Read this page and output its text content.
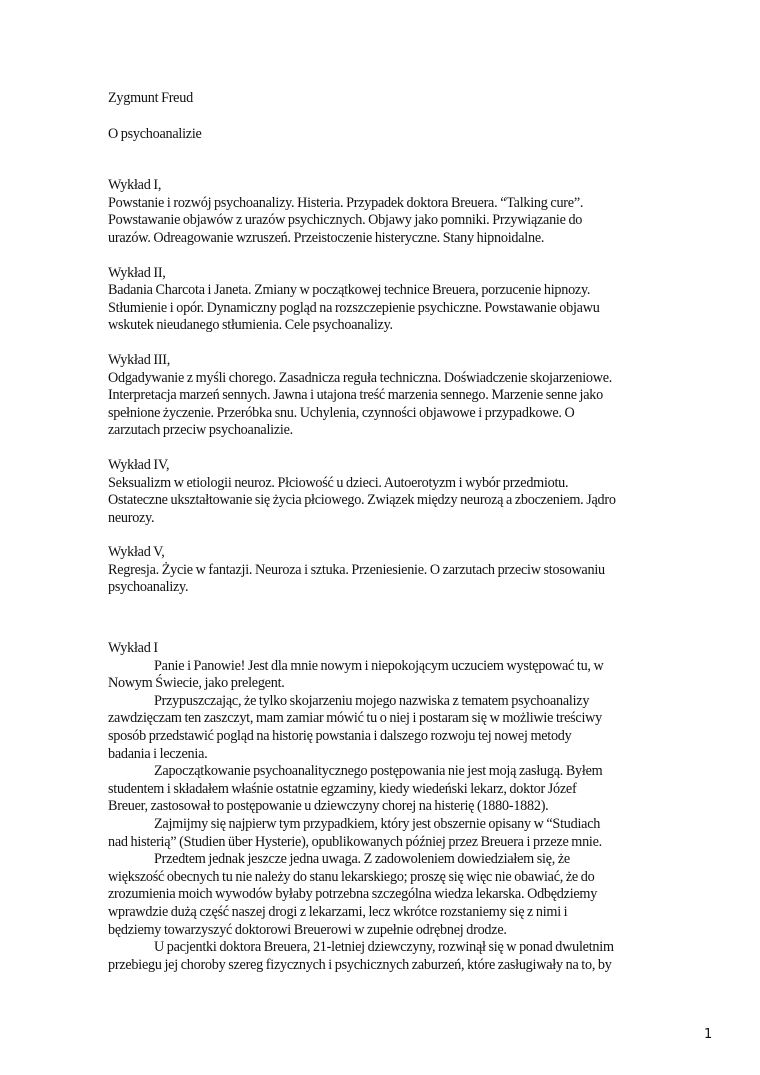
Zygmunt Freud
O psychoanalizie
Wykład I,
Powstanie i rozwój psychoanalizy. Histeria. Przypadek doktora Breuera. “Talking cure”.
Powstawanie objawów z urazów psychicznych. Objawy jako pomniki. Przywiązanie do
urazów. Odreagowanie wzruszeń. Przeistoczenie histeryczne. Stany hipnoidalne.
Wykład II,
Badania Charcota i Janeta. Zmiany w początkowej technice Breuera, porzucenie hipnozy.
Stłumienie i opór. Dynamiczny pogląd na rozszczepienie psychiczne. Powstawanie objawu
wskutek nieudanego stłumienia. Cele psychoanalizy.
Wykład III,
Odgadywanie z myśli chorego. Zasadnicza reguła techniczna. Doświadczenie skojarzeniowe.
Interpretacja marzeń sennych. Jawna i utajona treść marzenia sennego. Marzenie senne jako
spełnione życzenie. Przeróbka snu. Uchylenia, czynności objawowe i przypadkowe. O
zarzutach przeciw psychoanalizie.
Wykład IV,
Seksualizm w etiologii neuroz. Płciowość u dzieci. Autoerotyzm i wybór przedmiotu.
Ostateczne ukształtowanie się życia płciowego. Związek między neurozą a zboczeniem. Jądro
neurozy.
Wykład V,
Regresja. Życie w fantazji. Neuroza i sztuka. Przeniesienie. O zarzutach przeciw stosowaniu
psychoanalizy.
Wykład I
Panie i Panowie! Jest dla mnie nowym i niepokojącym uczuciem występować tu, w
Nowym Świecie, jako prelegent.
Przypuszczając, że tylko skojarzeniu mojego nazwiska z tematem psychoanalizy
zawdzięczam ten zaszczyt, mam zamiar mówić tu o niej i postaram się w możliwie treściwy
sposób przedstawić pogląd na historię powstania i dalszego rozwoju tej nowej metody
badania i leczenia.
Zapoczątkowanie psychoanalitycznego postępowania nie jest moją zasługą. Byłem
studentem i składałem właśnie ostatnie egzaminy, kiedy wiedeński lekarz, doktor Józef
Breuer, zastosował to postępowanie u dziewczyny chorej na histerię (1880-1882).
Zajmijmy się najpierw tym przypadkiem, który jest obszernie opisany w “Studiach
nad histerią” (Studien über Hysterie), opublikowanych później przez Breuera i przeze mnie.
Przedtem jednak jeszcze jedna uwaga. Z zadowoleniem dowiedziałem się, że
większość obecnych tu nie należy do stanu lekarskiego; proszę się więc nie obawiać, że do
zrozumienia moich wywodów byłaby potrzebna szczególna wiedza lekarska. Odbędziemy
wprawdzie dużą część naszej drogi z lekarzami, lecz wkrótce rozstaniemy się z nimi i
będziemy towarzyszyć doktorowi Breuerowi w zupełnie odrębnej drodze.
U pacjentki doktora Breuera, 21-letniej dziewczyny, rozwinął się w ponad dwuletnim
przebiegu jej choroby szereg fizycznych i psychicznych zaburzeń, które zasługiwały na to, by
1
